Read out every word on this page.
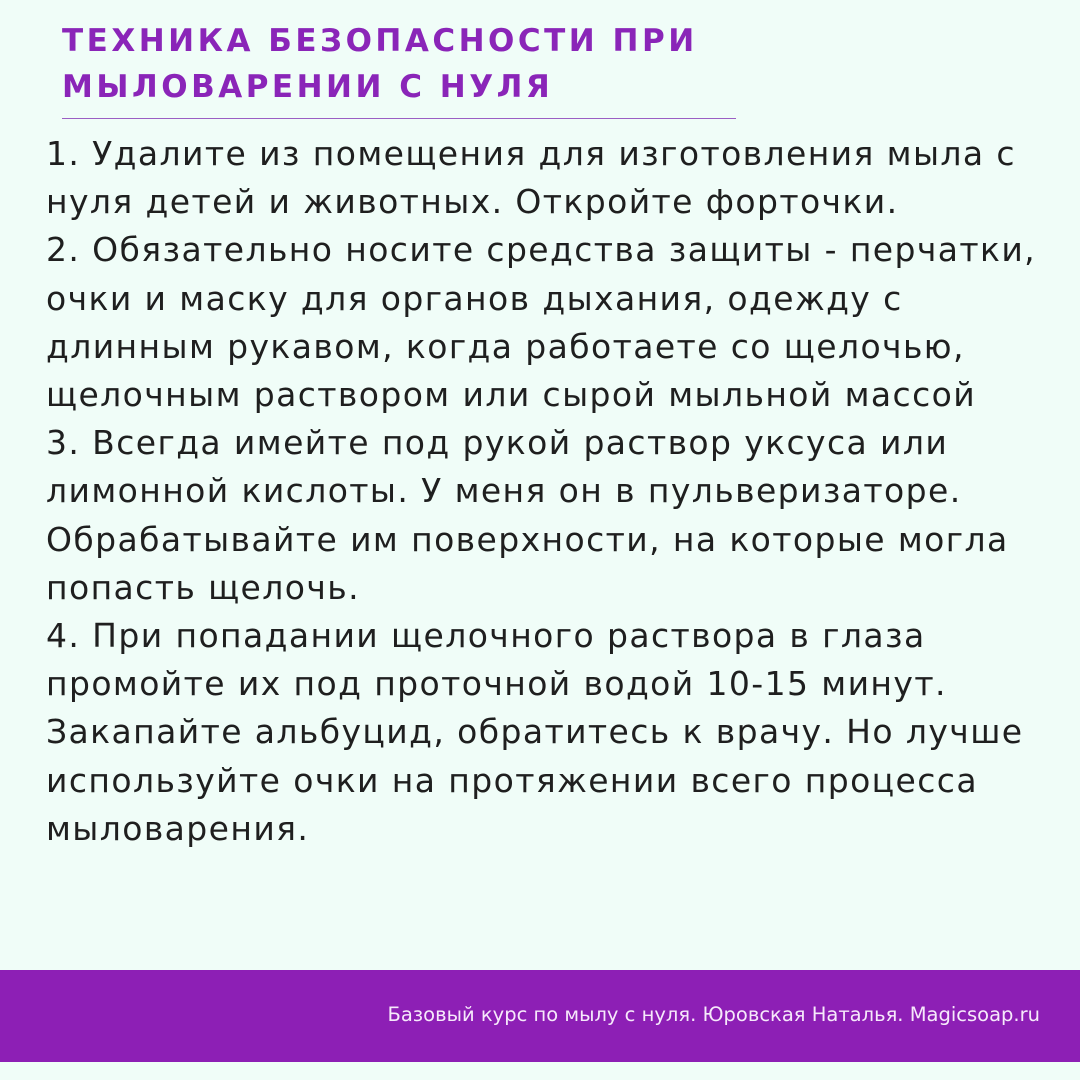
ТЕХНИКА БЕЗОПАСНОСТИ ПРИ
МЫЛОВАРЕНИИ С НУЛЯ

1. Удалите из помещения для изготовления мыла с нуля детей и животных. Откройте форточки.

2. Обязательно носите средства защиты - перчатки, очки и маску для органов дыхания, одежду с длинным рукавом, когда работаете со щелочью, щелочным раствором или сырой мыльной массой

3. Всегда имейте под рукой раствор уксуса или лимонной кислоты. У меня он в пульверизаторе. Обрабатывайте им поверхности, на которые могла попасть щелочь.

4. При попадании щелочного раствора в глаза промойте их под проточной водой 10-15 минут. Закапайте альбуцид, обратитесь к врачу. Но лучше используйте очки на протяжении всего процесса мыловарения.

Базовый курс по мылу с нуля. Юровская Наталья. Magicsoap.ru
